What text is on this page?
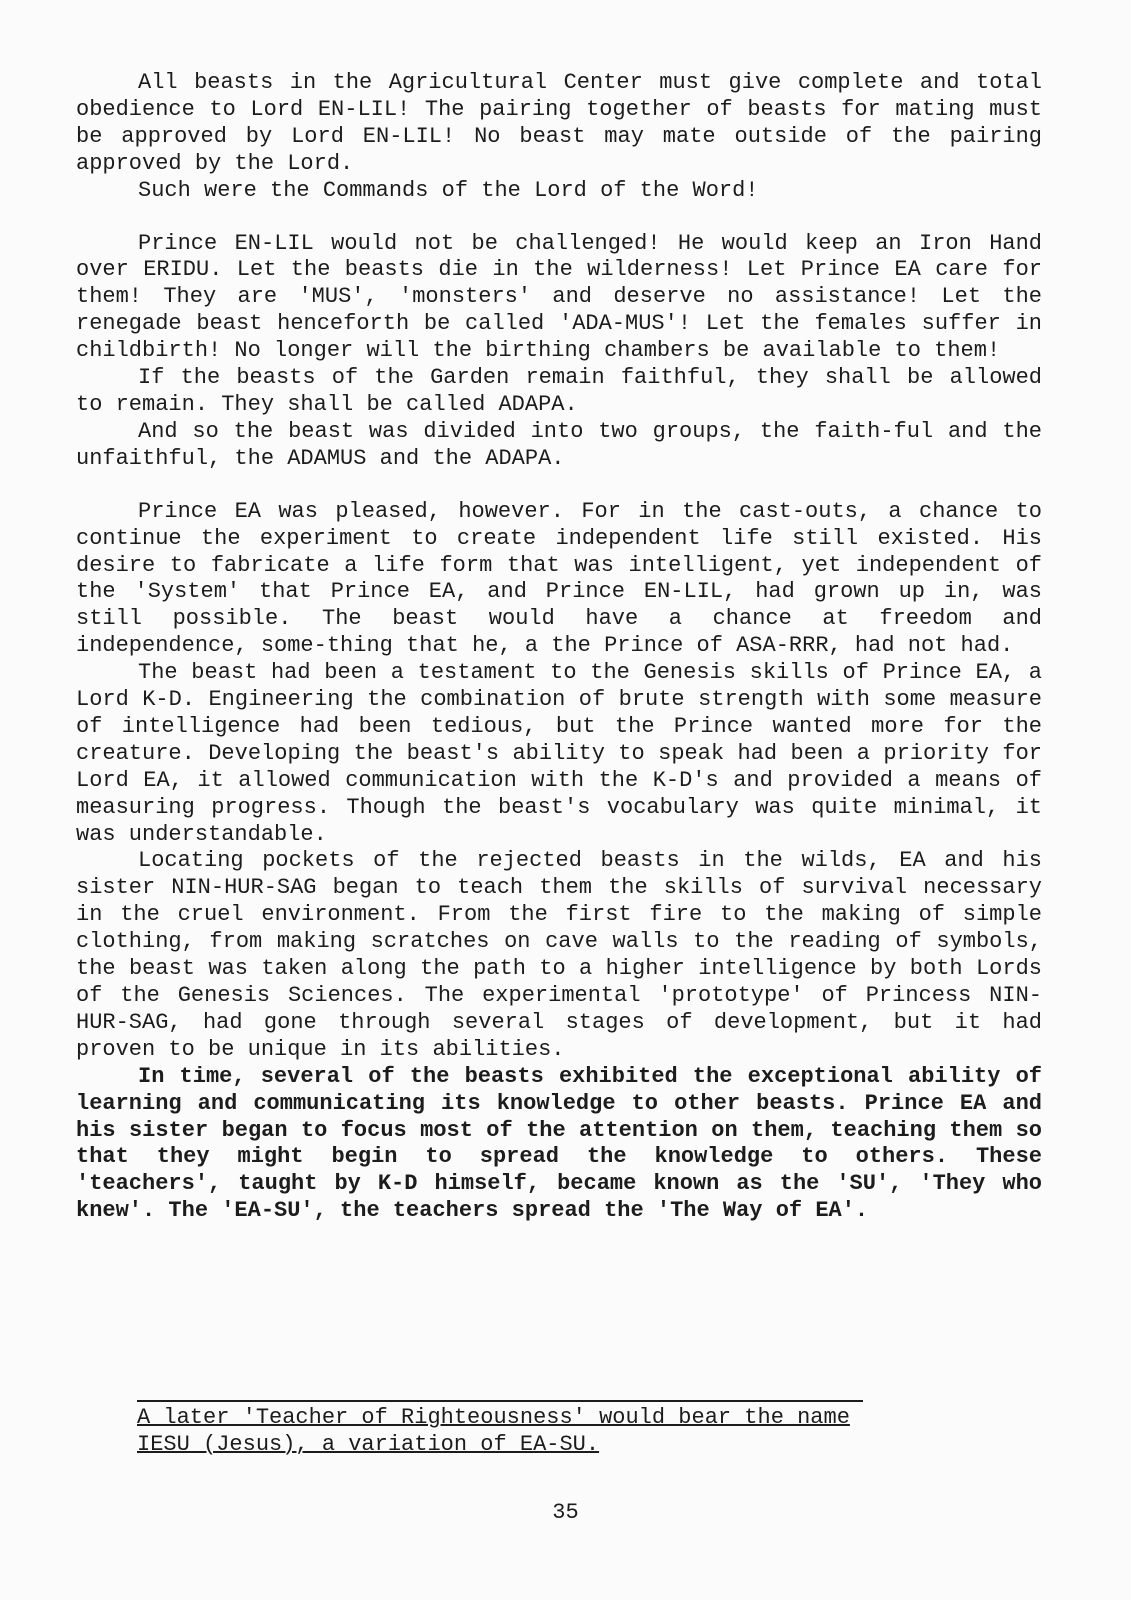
All beasts in the Agricultural Center must give complete and total obedience to Lord EN-LIL! The pairing together of beasts for mating must be approved by Lord EN-LIL! No beast may mate outside of the pairing approved by the Lord.

Such were the Commands of the Lord of the Word!

Prince EN-LIL would not be challenged! He would keep an Iron Hand over ERIDU. Let the beasts die in the wilderness! Let Prince EA care for them! They are 'MUS', 'monsters' and deserve no assistance! Let the renegade beast henceforth be called 'ADA-MUS'! Let the females suffer in childbirth! No longer will the birthing chambers be available to them!

If the beasts of the Garden remain faithful, they shall be allowed to remain. They shall be called ADAPA.

And so the beast was divided into two groups, the faith-ful and the unfaithful, the ADAMUS and the ADAPA.

Prince EA was pleased, however. For in the cast-outs, a chance to continue the experiment to create independent life still existed. His desire to fabricate a life form that was intelligent, yet independent of the 'System' that Prince EA, and Prince EN-LIL, had grown up in, was still possible. The beast would have a chance at freedom and independence, some-thing that he, a the Prince of ASA-RRR, had not had.

The beast had been a testament to the Genesis skills of Prince EA, a Lord K-D. Engineering the combination of brute strength with some measure of intelligence had been tedious, but the Prince wanted more for the creature. Developing the beast's ability to speak had been a priority for Lord EA, it allowed communication with the K-D's and provided a means of measuring progress. Though the beast's vocabulary was quite minimal, it was understandable.

Locating pockets of the rejected beasts in the wilds, EA and his sister NIN-HUR-SAG began to teach them the skills of survival necessary in the cruel environment. From the first fire to the making of simple clothing, from making scratches on cave walls to the reading of symbols, the beast was taken along the path to a higher intelligence by both Lords of the Genesis Sciences. The experimental 'prototype' of Princess NIN-HUR-SAG, had gone through several stages of development, but it had proven to be unique in its abilities.

In time, several of the beasts exhibited the exceptional ability of learning and communicating its knowledge to other beasts. Prince EA and his sister began to focus most of the attention on them, teaching them so that they might begin to spread the knowledge to others. These 'teachers', taught by K-D himself, became known as the 'SU', 'They who knew'. The 'EA-SU', the teachers spread the 'The Way of EA'.

A later 'Teacher of Righteousness' would bear the name IESU (Jesus), a variation of EA-SU.
35
